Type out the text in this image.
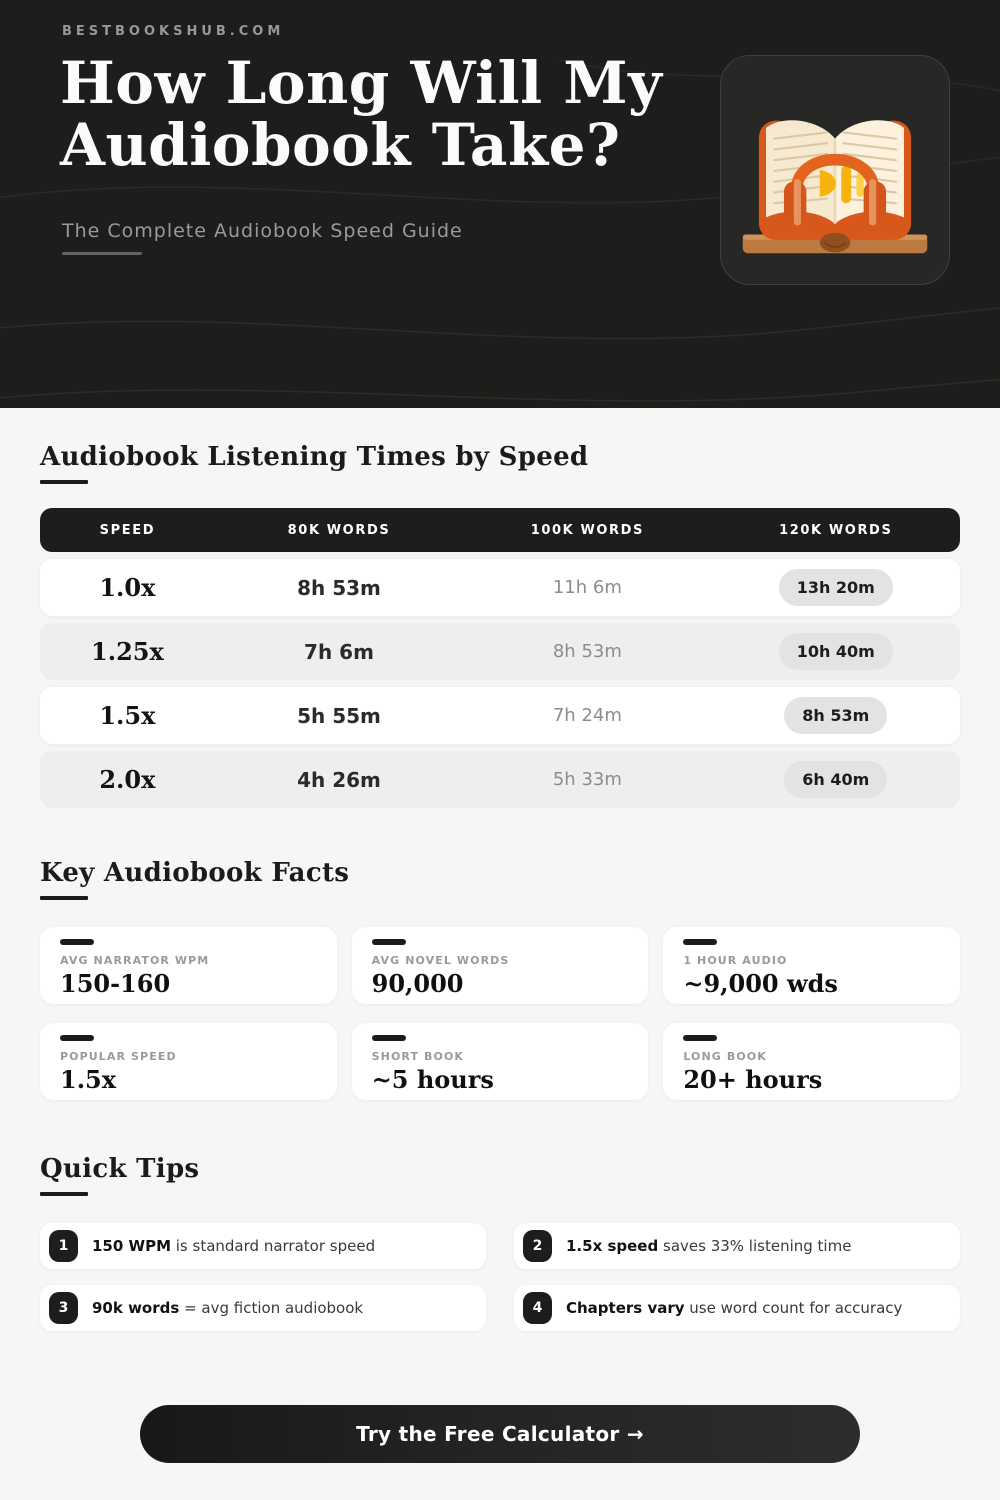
BESTBOOKSHUB.COM
How Long Will My
Audiobook Take?
The Complete Audiobook Speed Guide
Audiobook Listening Times by Speed
SPEED	80K WORDS	100K WORDS	120K WORDS
1.0x	8h 53m	11h 6m	13h 20m
1.25x	7h 6m	8h 53m	10h 40m
1.5x	5h 55m	7h 24m	8h 53m
2.0x	4h 26m	5h 33m	6h 40m
Key Audiobook Facts
AVG NARRATOR WPM
150-160
AVG NOVEL WORDS
90,000
1 HOUR AUDIO
~9,000 wds
POPULAR SPEED
1.5x
SHORT BOOK
~5 hours
LONG BOOK
20+ hours
Quick Tips
1	150 WPM is standard narrator speed	2	1.5x speed saves 33% listening time
3	90k words = avg fiction audiobook	4	Chapters vary use word count for accuracy
Try the Free Calculator →
